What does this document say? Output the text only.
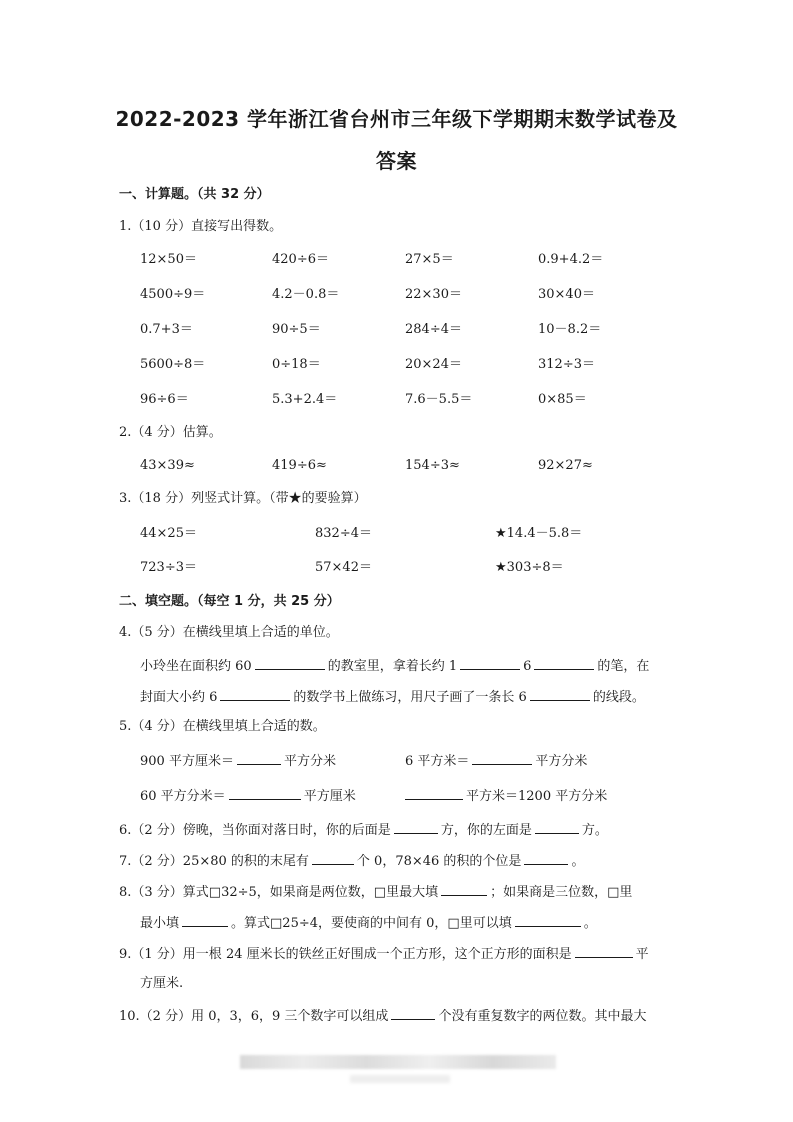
2022-2023 学年浙江省台州市三年级下学期期末数学试卷及
答案
一、计算题。（共 32 分）
1.（10 分）直接写出得数。
12×50＝	420÷6＝	27×5＝	0.9+4.2＝
4500÷9＝	4.2－0.8＝	22×30＝	30×40＝
0.7+3＝	90÷5＝	284÷4＝	10－8.2＝
5600÷8＝	0÷18＝	20×24＝	312÷3＝
96÷6＝	5.3+2.4＝	7.6－5.5＝	0×85＝
2.（4 分）估算。
43×39≈	419÷6≈	154÷3≈	92×27≈
3.（18 分）列竖式计算。（带★的要验算）
44×25＝	832÷4＝	★14.4－5.8＝
723÷3＝	57×42＝	★303÷8＝
二、填空题。（每空 1 分，共 25 分）
4.（5 分）在横线里填上合适的单位。
小玲坐在面积约 60	的教室里，拿着长约 1	6	的笔，在
封面大小约 6	的数学书上做练习，用尺子画了一条长 6	的线段。
5.（4 分）在横线里填上合适的数。
900 平方厘米＝	平方分米	6 平方米＝	平方分米
60 平方分米＝	平方厘米	平方米＝1200 平方分米
6.（2 分）傍晚，当你面对落日时，你的后面是	方，你的左面是	方。
7.（2 分）25×80 的积的末尾有	个 0，78×46 的积的个位是	。
8.（3 分）算式□32÷5，如果商是两位数，□里最大填	；如果商是三位数，□里
最小填	。算式□25÷4，要使商的中间有 0，□里可以填	。
9.（1 分）用一根 24 厘米长的铁丝正好围成一个正方形，这个正方形的面积是	平
方厘米.
10.（2 分）用 0，3，6，9 三个数字可以组成	个没有重复数字的两位数。其中最大
